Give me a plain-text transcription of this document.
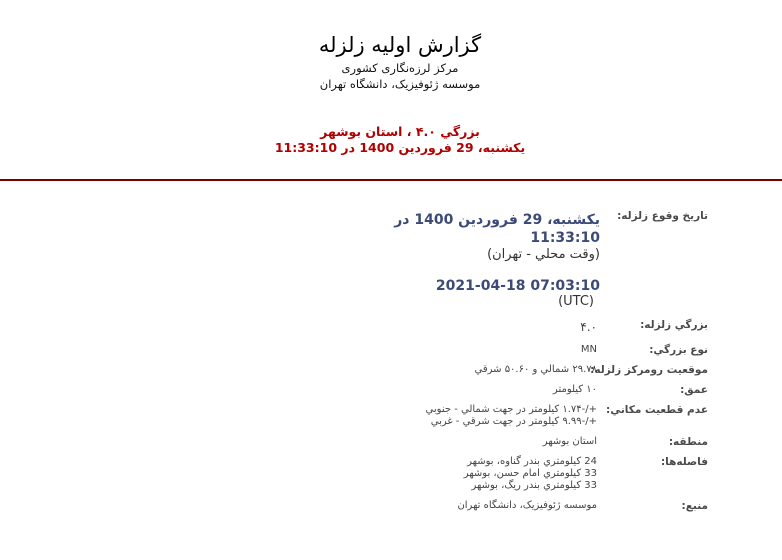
گزارش اولیه زلزله
مرکز لرزه‌نگاری کشوری
موسسه ژئوفیزیک، دانشگاه تهران
بزرگي ۴.۰ ، استان بوشهر
یکشنبه، 29 فروردین 1400 در 11:33:10
تاریخ وقوع زلزله:
یکشنبه، 29 فروردین 1400 در
11:33:10
(وقت محلي - تهران)
2021-04-18 07:03:10
(UTC)
بزرگي زلزله:
۴.۰
نوع بزرگي:
MN
موقعیت رومرکز زلزله:
۲۹.۷۸ شمالي و ۵۰.۶۰ شرقي
عمق:
۱۰ کیلومتر
عدم قطعیت مکاني:
+/-۱.۷۴ کیلومتر در جهت شمالي - جنوبي
+/-۹.۹۹ کیلومتر در جهت شرقي - غربي
منطقه:
استان بوشهر
فاصله‌ها:
24 کیلومتري بندر گناوه، بوشهر
33 کیلومتري امام حسن، بوشهر
33 کیلومتري بندر ريگ، بوشهر
منبع:
موسسه ژئوفیزیک، دانشگاه تهران
